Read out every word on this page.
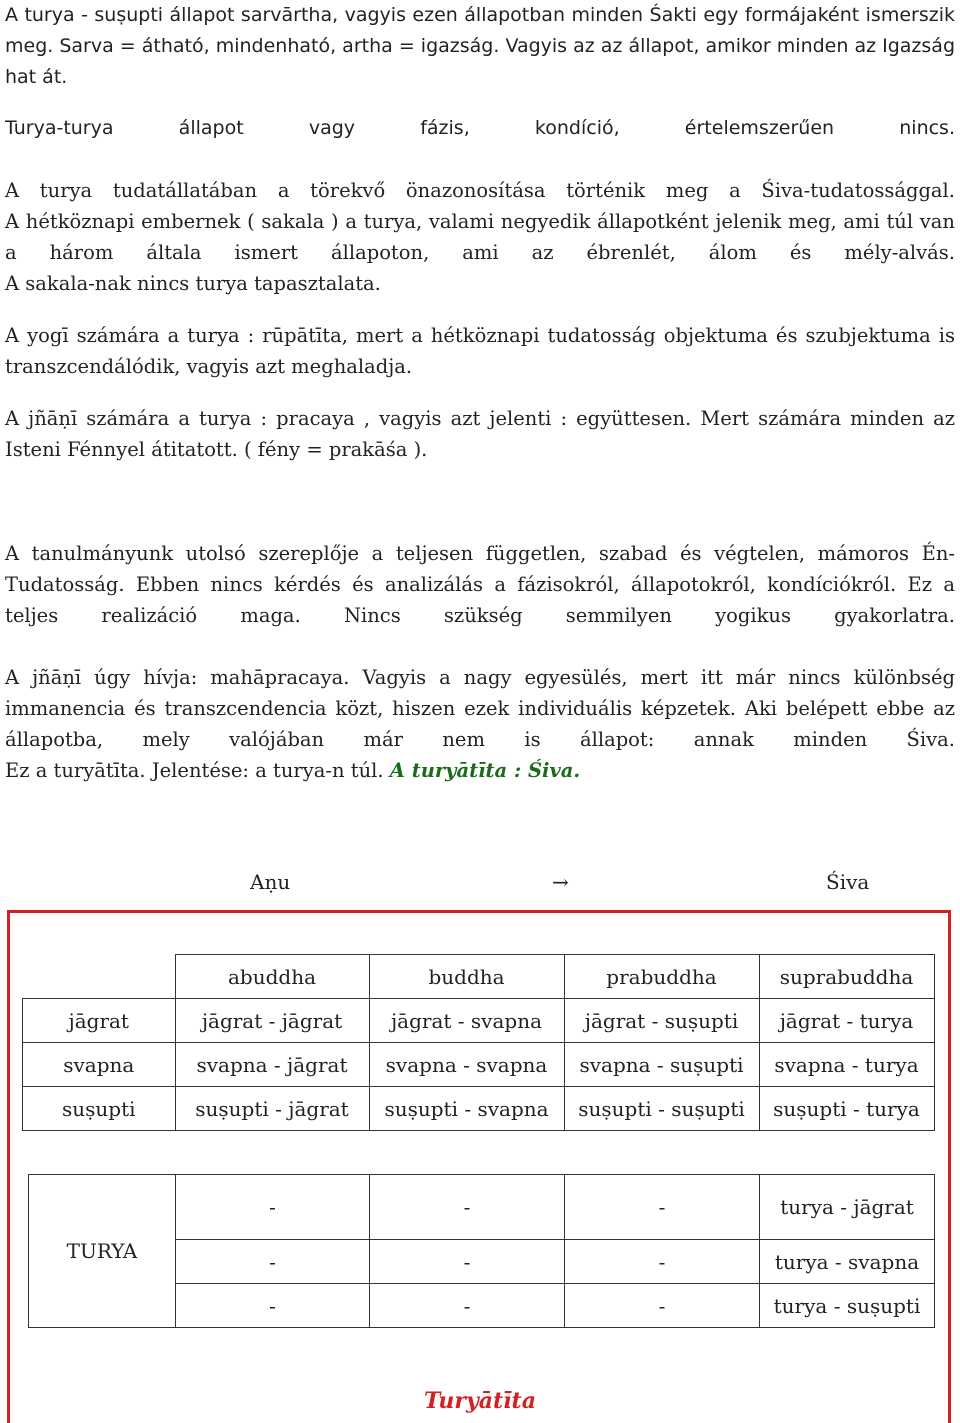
A turya - suṣupti állapot sarvārtha, vagyis ezen állapotban minden Śakti egy formájaként ismerszik meg. Sarva = átható, mindenható, artha = igazság. Vagyis az az állapot, amikor minden az Igazság hat át.
Turya-turya állapot vagy fázis, kondíció, értelemszerűen nincs.
A turya tudatállatában a törekvő önazonosítása történik meg a Śiva-tudatossággal.
A hétköznapi embernek ( sakala ) a turya, valami negyedik állapotként jelenik meg, ami túl van a három általa ismert állapoton, ami az ébrenlét, álom és mély-alvás.
A sakala-nak nincs turya tapasztalata.
A yogī számára a turya : rūpātīta, mert a hétköznapi tudatosság objektuma és szubjektuma is transzcendálódik, vagyis azt meghaladja.
A jñāṇī számára a turya : pracaya , vagyis azt jelenti : együttesen. Mert számára minden az Isteni Fénnyel átitatott. ( fény = prakāśa ).
A tanulmányunk utolsó szereplője a teljesen független, szabad és végtelen, mámoros Én-Tudatosság. Ebben nincs kérdés és analizálás a fázisokról, állapotokról, kondíciókról. Ez a teljes realizáció maga. Nincs szükség semmilyen yogikus gyakorlatra.
A jñāṇī úgy hívja: mahāpracaya. Vagyis a nagy egyesülés, mert itt már nincs különbség immanencia és transzcendencia közt, hiszen ezek individuális képzetek. Aki belépett ebbe az állapotba, mely valójában már nem is állapot: annak minden Śiva.
Ez a turyātīta. Jelentése: a turya-n túl. A turyātīta : Śiva.
Aṇu	→	Śiva
	abuddha	buddha	prabuddha	suprabuddha
jāgrat	jāgrat - jāgrat	jāgrat - svapna	jāgrat - suṣupti	jāgrat - turya
svapna	svapna - jāgrat	svapna - svapna	svapna - suṣupti	svapna - turya
suṣupti	suṣupti - jāgrat	suṣupti - svapna	suṣupti - suṣupti	suṣupti - turya
TURYA	-	-	-	turya - jāgrat
	-	-	-	turya - svapna
	-	-	-	turya - suṣupti
Turyātīta
